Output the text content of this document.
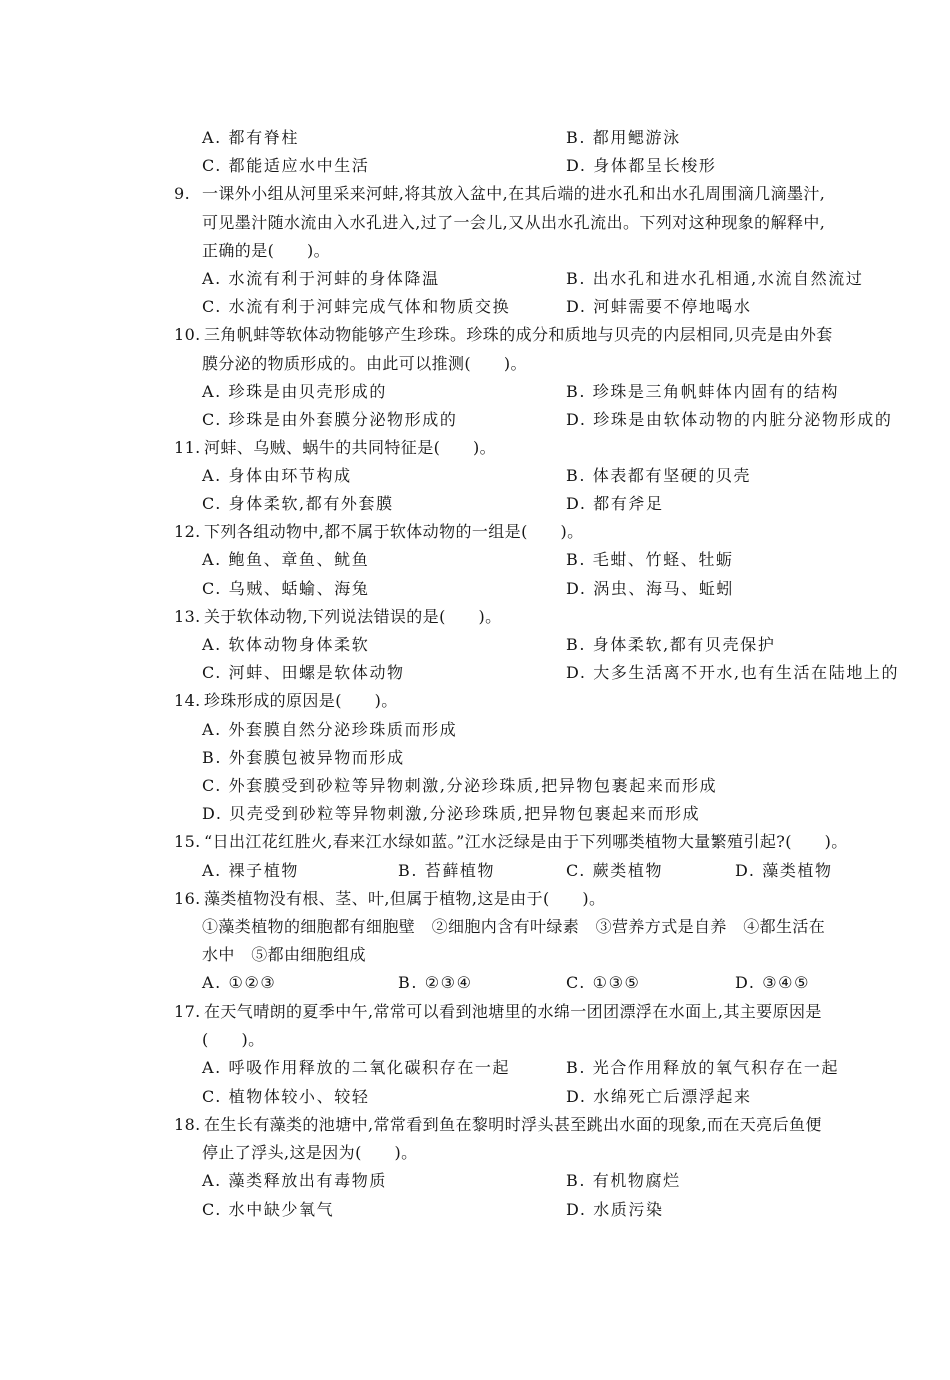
A. 都有脊柱	B. 都用鳃游泳
C. 都能适应水中生活	D. 身体都呈长梭形
9. 一课外小组从河里采来河蚌,将其放入盆中,在其后端的进水孔和出水孔周围滴几滴墨汁,
可见墨汁随水流由入水孔进入,过了一会儿,又从出水孔流出。下列对这种现象的解释中,
正确的是(　　)。
A. 水流有利于河蚌的身体降温	B. 出水孔和进水孔相通,水流自然流过
C. 水流有利于河蚌完成气体和物质交换	D. 河蚌需要不停地喝水
10. 三角帆蚌等软体动物能够产生珍珠。珍珠的成分和质地与贝壳的内层相同,贝壳是由外套
膜分泌的物质形成的。由此可以推测(　　)。
A. 珍珠是由贝壳形成的	B. 珍珠是三角帆蚌体内固有的结构
C. 珍珠是由外套膜分泌物形成的	D. 珍珠是由软体动物的内脏分泌物形成的
11. 河蚌、乌贼、蜗牛的共同特征是(　　)。
A. 身体由环节构成	B. 体表都有坚硬的贝壳
C. 身体柔软,都有外套膜	D. 都有斧足
12. 下列各组动物中,都不属于软体动物的一组是(　　)。
A. 鲍鱼、章鱼、鱿鱼	B. 毛蚶、竹蛏、牡蛎
C. 乌贼、蛞蝓、海兔	D. 涡虫、海马、蚯蚓
13. 关于软体动物,下列说法错误的是(　　)。
A. 软体动物身体柔软	B. 身体柔软,都有贝壳保护
C. 河蚌、田螺是软体动物	D. 大多生活离不开水,也有生活在陆地上的
14. 珍珠形成的原因是(　　)。
A. 外套膜自然分泌珍珠质而形成
B. 外套膜包被异物而形成
C. 外套膜受到砂粒等异物刺激,分泌珍珠质,把异物包裹起来而形成
D. 贝壳受到砂粒等异物刺激,分泌珍珠质,把异物包裹起来而形成
15. “日出江花红胜火,春来江水绿如蓝。”江水泛绿是由于下列哪类植物大量繁殖引起?(　　)。
A. 裸子植物	B. 苔藓植物	C. 蕨类植物	D. 藻类植物
16. 藻类植物没有根、茎、叶,但属于植物,这是由于(　　)。
①藻类植物的细胞都有细胞壁　②细胞内含有叶绿素　③营养方式是自养　④都生活在
水中　⑤都由细胞组成
A. ①②③	B. ②③④	C. ①③⑤	D. ③④⑤
17. 在天气晴朗的夏季中午,常常可以看到池塘里的水绵一团团漂浮在水面上,其主要原因是
(　　)。
A. 呼吸作用释放的二氧化碳积存在一起	B. 光合作用释放的氧气积存在一起
C. 植物体较小、较轻	D. 水绵死亡后漂浮起来
18. 在生长有藻类的池塘中,常常看到鱼在黎明时浮头甚至跳出水面的现象,而在天亮后鱼便
停止了浮头,这是因为(　　)。
A. 藻类释放出有毒物质	B. 有机物腐烂
C. 水中缺少氧气	D. 水质污染
